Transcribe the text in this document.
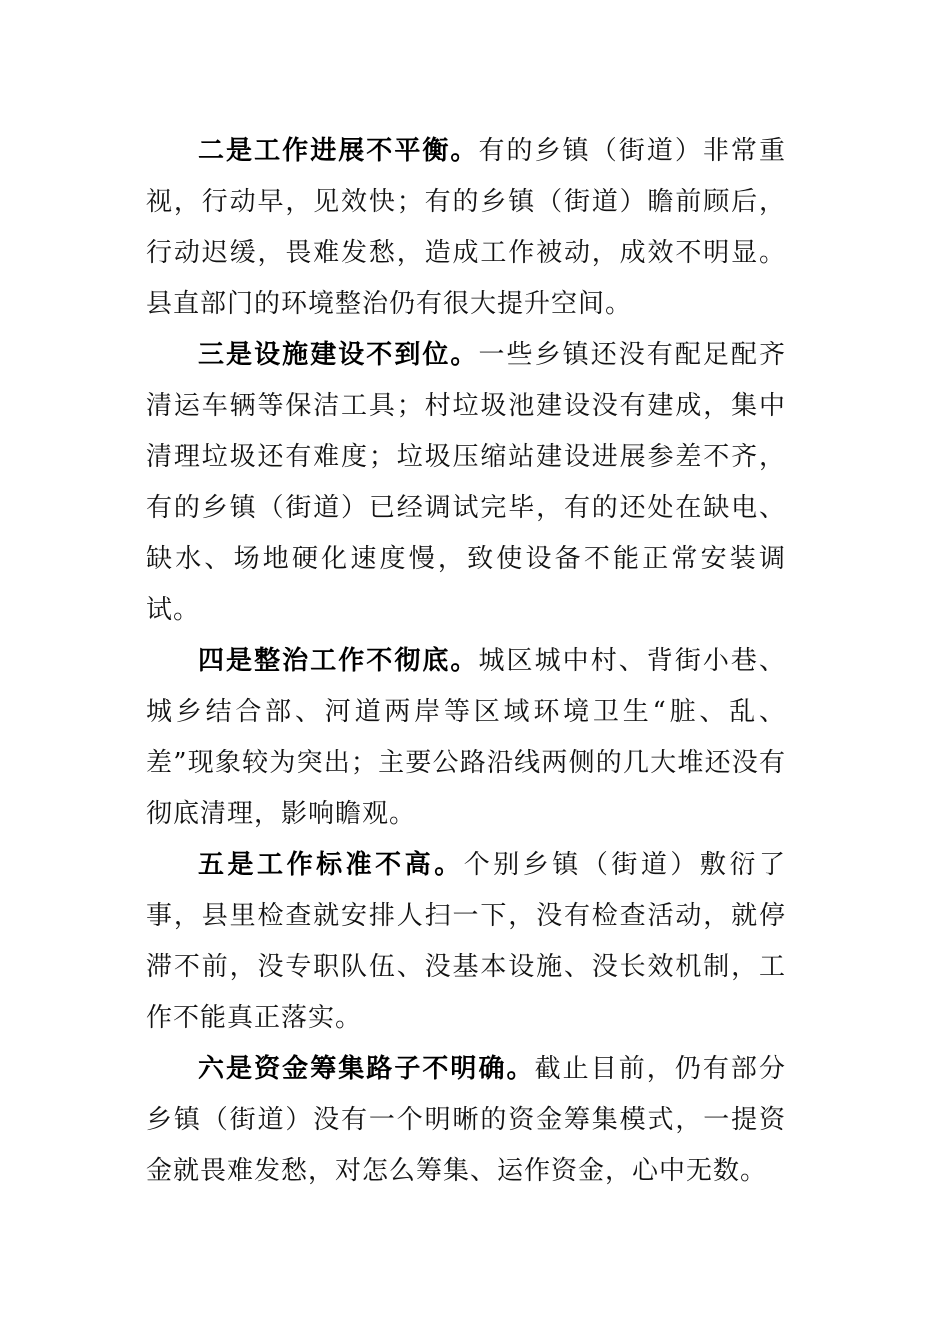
二是工作进展不平衡。有的乡镇（街道）非常重视，行动早，见效快；有的乡镇（街道）瞻前顾后，行动迟缓，畏难发愁，造成工作被动，成效不明显。县直部门的环境整治仍有很大提升空间。

三是设施建设不到位。一些乡镇还没有配足配齐清运车辆等保洁工具；村垃圾池建设没有建成，集中清理垃圾还有难度；垃圾压缩站建设进展参差不齐，有的乡镇（街道）已经调试完毕，有的还处在缺电、缺水、场地硬化速度慢，致使设备不能正常安装调试。

四是整治工作不彻底。城区城中村、背街小巷、城乡结合部、河道两岸等区域环境卫生“脏、乱、差”现象较为突出；主要公路沿线两侧的几大堆还没有彻底清理，影响瞻观。

五是工作标准不高。个别乡镇（街道）敷衍了事，县里检查就安排人扫一下，没有检查活动，就停滞不前，没专职队伍、没基本设施、没长效机制，工作不能真正落实。

六是资金筹集路子不明确。截止目前，仍有部分乡镇（街道）没有一个明晰的资金筹集模式，一提资金就畏难发愁，对怎么筹集、运作资金，心中无数。
